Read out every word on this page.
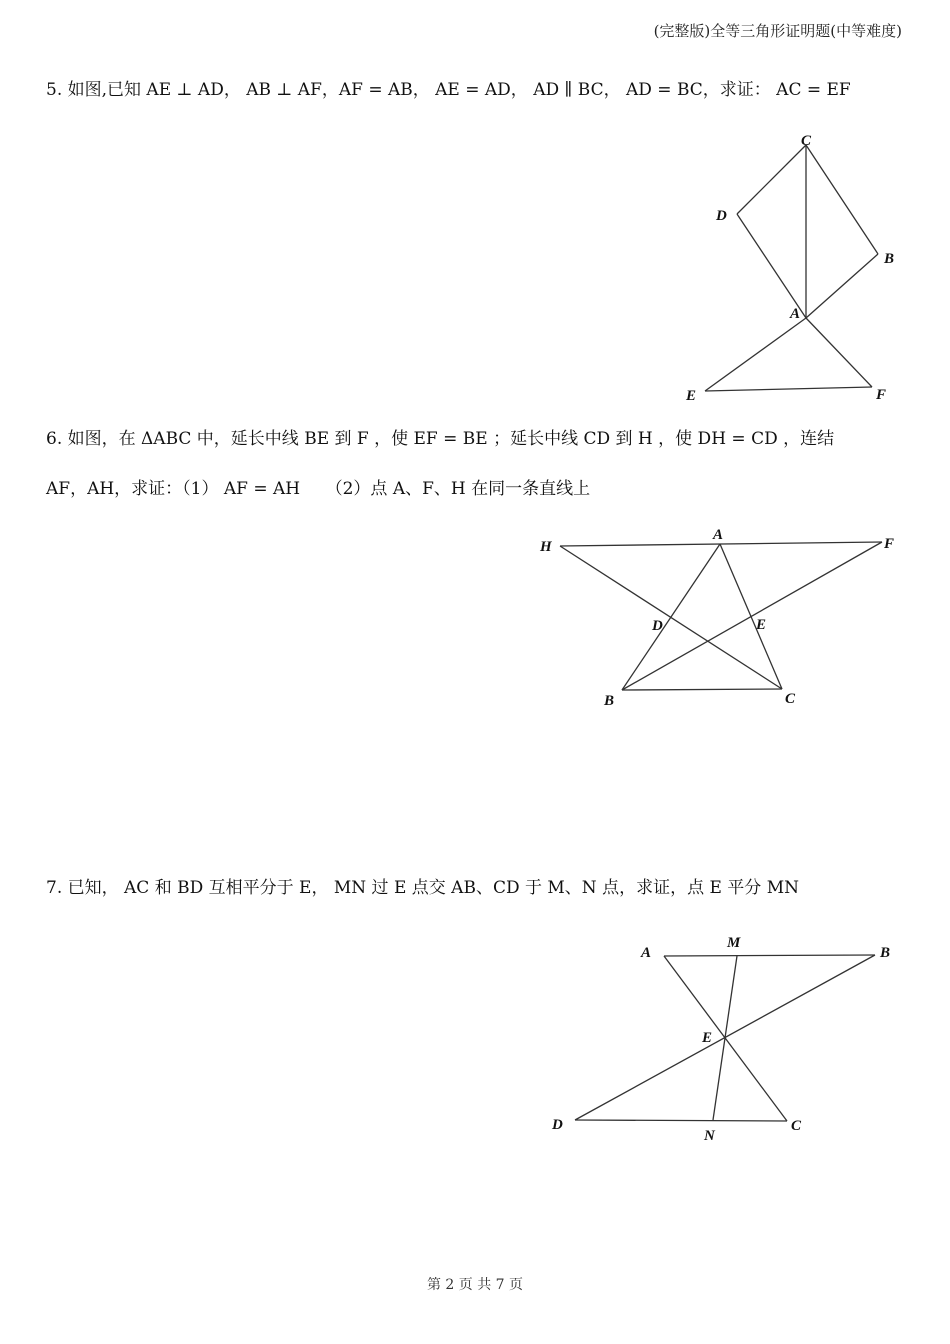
(完整版)全等三角形证明题(中等难度)
5. 如图,已知 AE ⊥ AD， AB ⊥ AF，AF = AB， AE = AD， AD ∥ BC， AD = BC，求证： AC = EF
C
D
B
A
E	F
6. 如图，在 ΔABC 中，延长中线 BE 到 F ，使 EF = BE ；延长中线 CD 到 H ，使 DH = CD ，连结
AF，AH，求证：（1） AF = AH　　（2）点 A、F、H 在同一条直线上
H
A
F
D	E
B	C
7. 已知， AC 和 BD 互相平分于 E， MN 过 E 点交 AB、CD 于 M、N 点，求证，点 E 平分 MN
A
M
B
E
D
N
C
第 2 页 共 7 页
